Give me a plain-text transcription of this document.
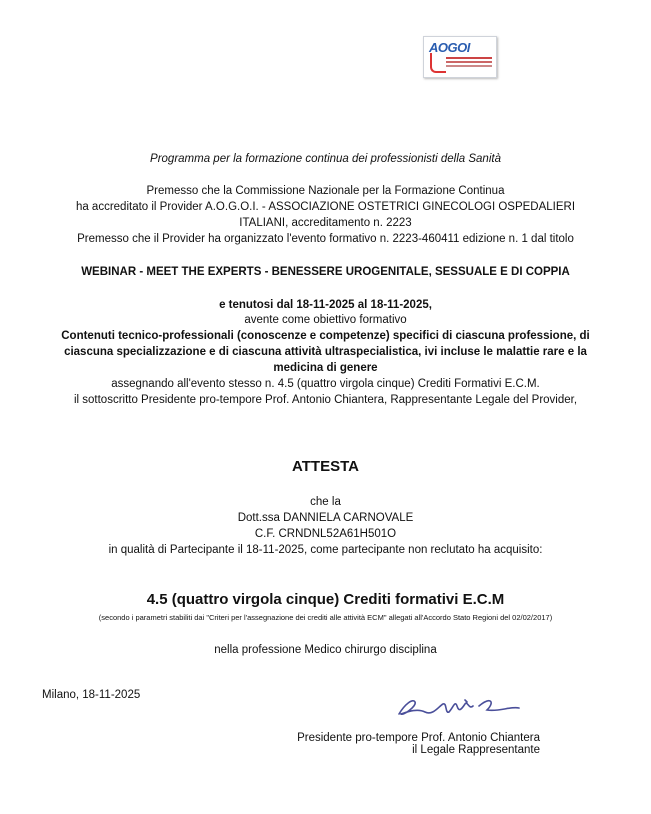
AOGOI
Programma per la formazione continua dei professionisti della Sanità
Premesso che la Commissione Nazionale per la Formazione Continua
ha accreditato il Provider A.O.G.O.I. - ASSOCIAZIONE OSTETRICI GINECOLOGI OSPEDALIERI
ITALIANI, accreditamento n. 2223
Premesso che il Provider ha organizzato l'evento formativo n. 2223-460411 edizione n. 1 dal titolo
WEBINAR - MEET THE EXPERTS - BENESSERE UROGENITALE, SESSUALE E DI COPPIA
e tenutosi dal 18-11-2025 al 18-11-2025,
avente come obiettivo formativo
Contenuti tecnico-professionali (conoscenze e competenze) specifici di ciascuna professione, di
ciascuna specializzazione e di ciascuna attività ultraspecialistica, ivi incluse le malattie rare e la
medicina di genere
assegnando all'evento stesso n. 4.5 (quattro virgola cinque) Crediti Formativi E.C.M.
il sottoscritto Presidente pro-tempore Prof. Antonio Chiantera, Rappresentante Legale del Provider,
ATTESTA
che la
Dott.ssa DANNIELA CARNOVALE
C.F. CRNDNL52A61H501O
in qualità di Partecipante il 18-11-2025, come partecipante non reclutato ha acquisito:
4.5 (quattro virgola cinque) Crediti formativi E.C.M
(secondo i parametri stabiliti dai "Criteri per l'assegnazione dei crediti alle attività ECM" allegati all'Accordo Stato Regioni del 02/02/2017)
nella professione Medico chirurgo disciplina
Milano, 18-11-2025
Presidente pro-tempore Prof. Antonio Chiantera
il Legale Rappresentante
